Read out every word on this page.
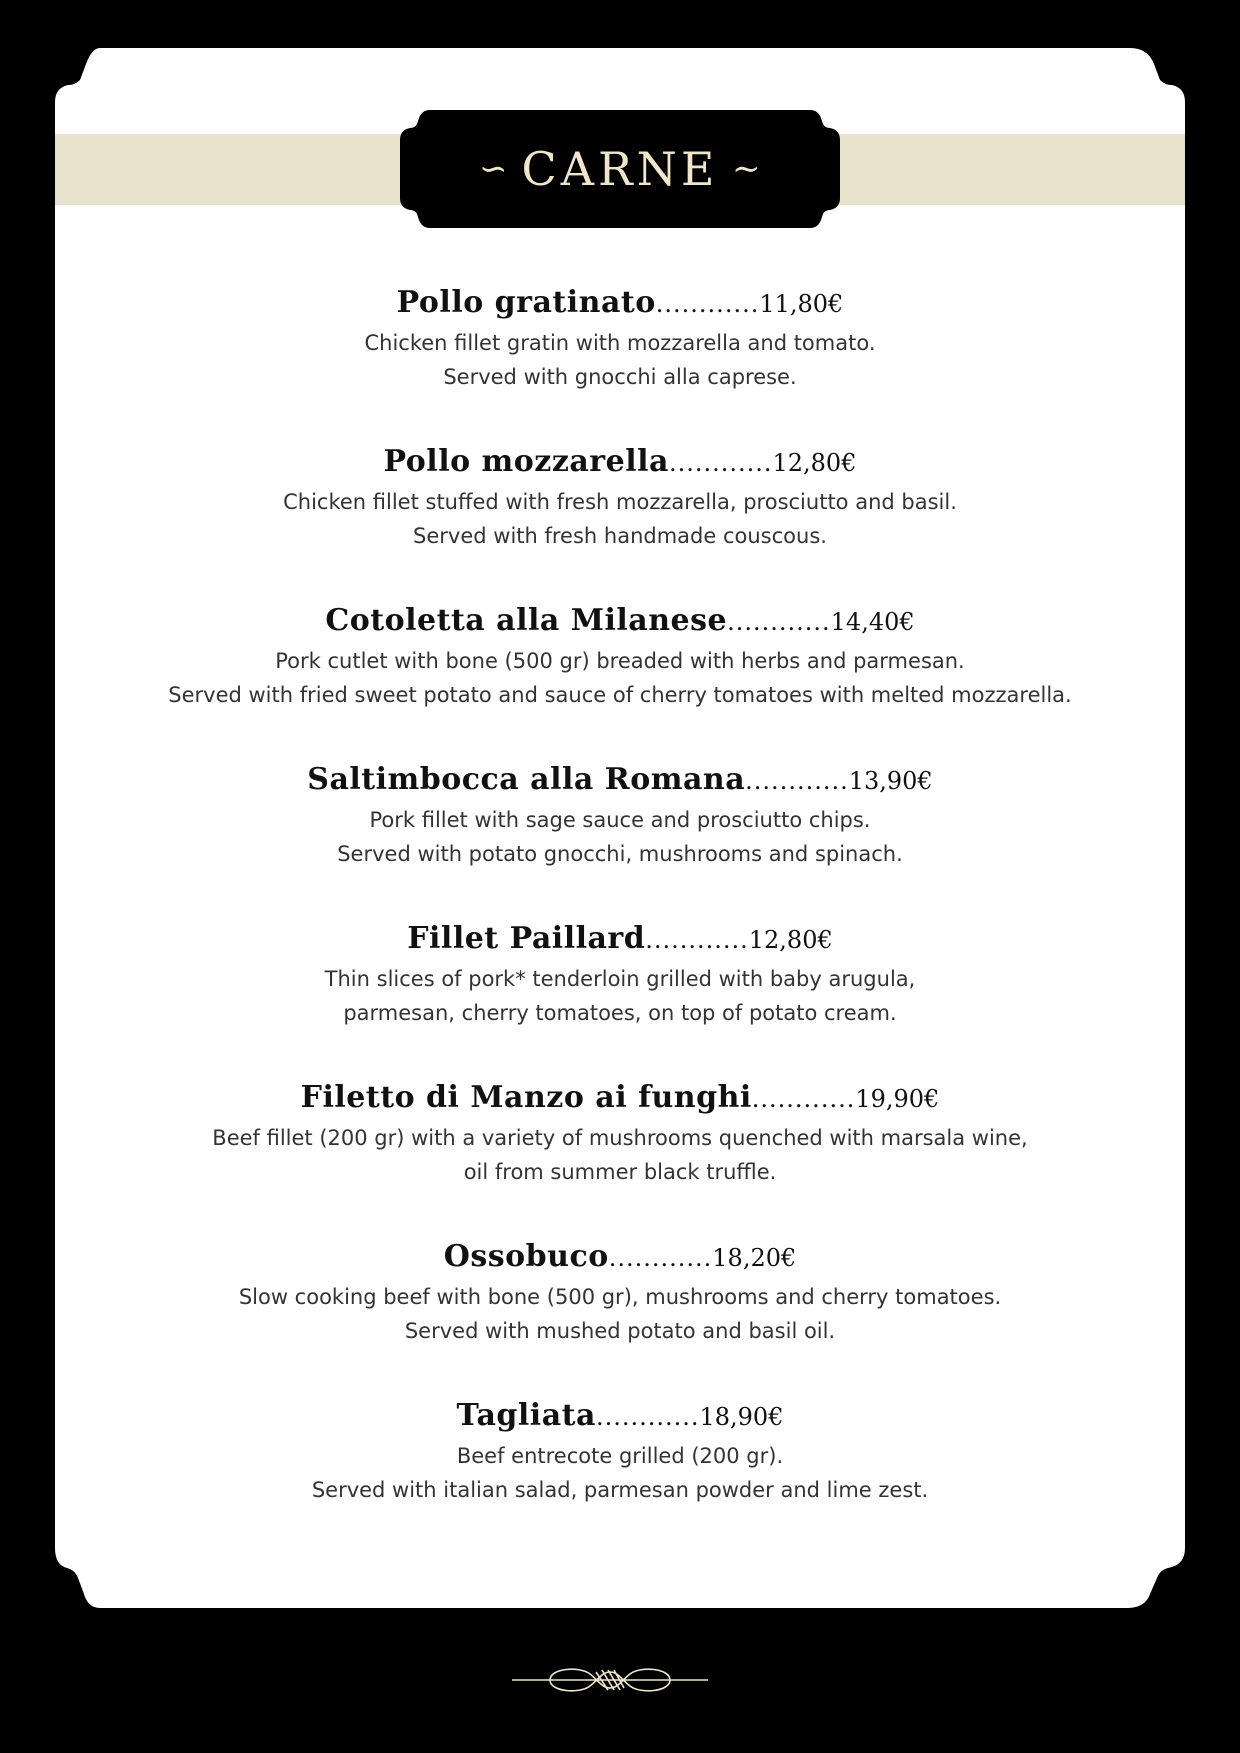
∽ CARNE ∽
Pollo gratinato............11,80€
Chicken fillet gratin with mozzarella and tomato.
Served with gnocchi alla caprese.
Pollo mozzarella............12,80€
Chicken fillet stuffed with fresh mozzarella, prosciutto and basil.
Served with fresh handmade couscous.
Cotoletta alla Milanese............14,40€
Pork cutlet with bone (500 gr) breaded with herbs and parmesan.
Served with fried sweet potato and sauce of cherry tomatoes with melted mozzarella.
Saltimbocca alla Romana............13,90€
Pork fillet with sage sauce and prosciutto chips.
Served with potato gnocchi, mushrooms and spinach.
Fillet Paillard............12,80€
Thin slices of pork* tenderloin grilled with baby arugula,
parmesan, cherry tomatoes, on top of potato cream.
Filetto di Manzo ai funghi............19,90€
Beef fillet (200 gr) with a variety of mushrooms quenched with marsala wine,
oil from summer black truffle.
Ossobuco............18,20€
Slow cooking beef with bone (500 gr), mushrooms and cherry tomatoes.
Served with mushed potato and basil oil.
Tagliata............18,90€
Beef entrecote grilled (200 gr).
Served with italian salad, parmesan powder and lime zest.
